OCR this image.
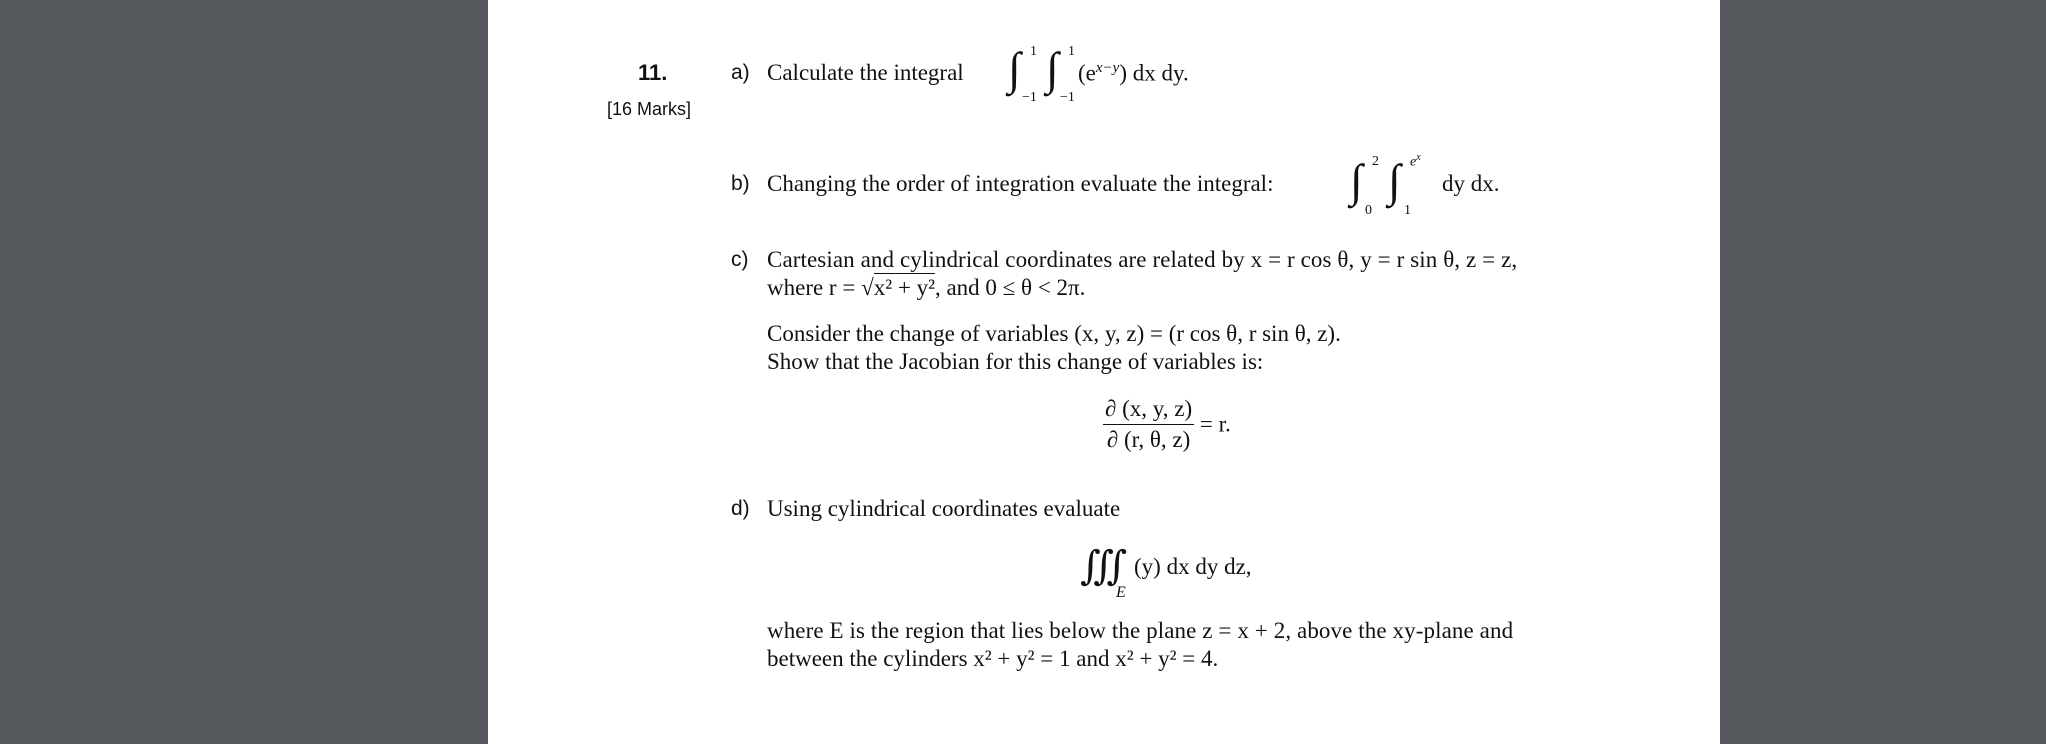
11.
[16 Marks]
a) Calculate the integral ∫ 1
−1
∫ 1
−1
$(e^{x-y})$ dx dy.
b) Changing the order of integration evaluate the integral: ∫ 2
0
∫ $e^x$
1
dy dx.
c) Cartesian and cylindrical coordinates are related by x = r cos θ, y = r sin θ, z = z,
where r = √x² + y², and 0 ≤ θ < 2π.
Consider the change of variables (x, y, z) = (r cos θ, r sin θ, z).
Show that the Jacobian for this change of variables is:
$\frac{\partial (x, y, z)}{\partial (r, \theta, z)} = r$.
d) Using cylindrical coordinates evaluate
∭
E
(y) dx dy dz,
where E is the region that lies below the plane z = x + 2, above the xy-plane and
between the cylinders x² + y² = 1 and x² + y² = 4.
